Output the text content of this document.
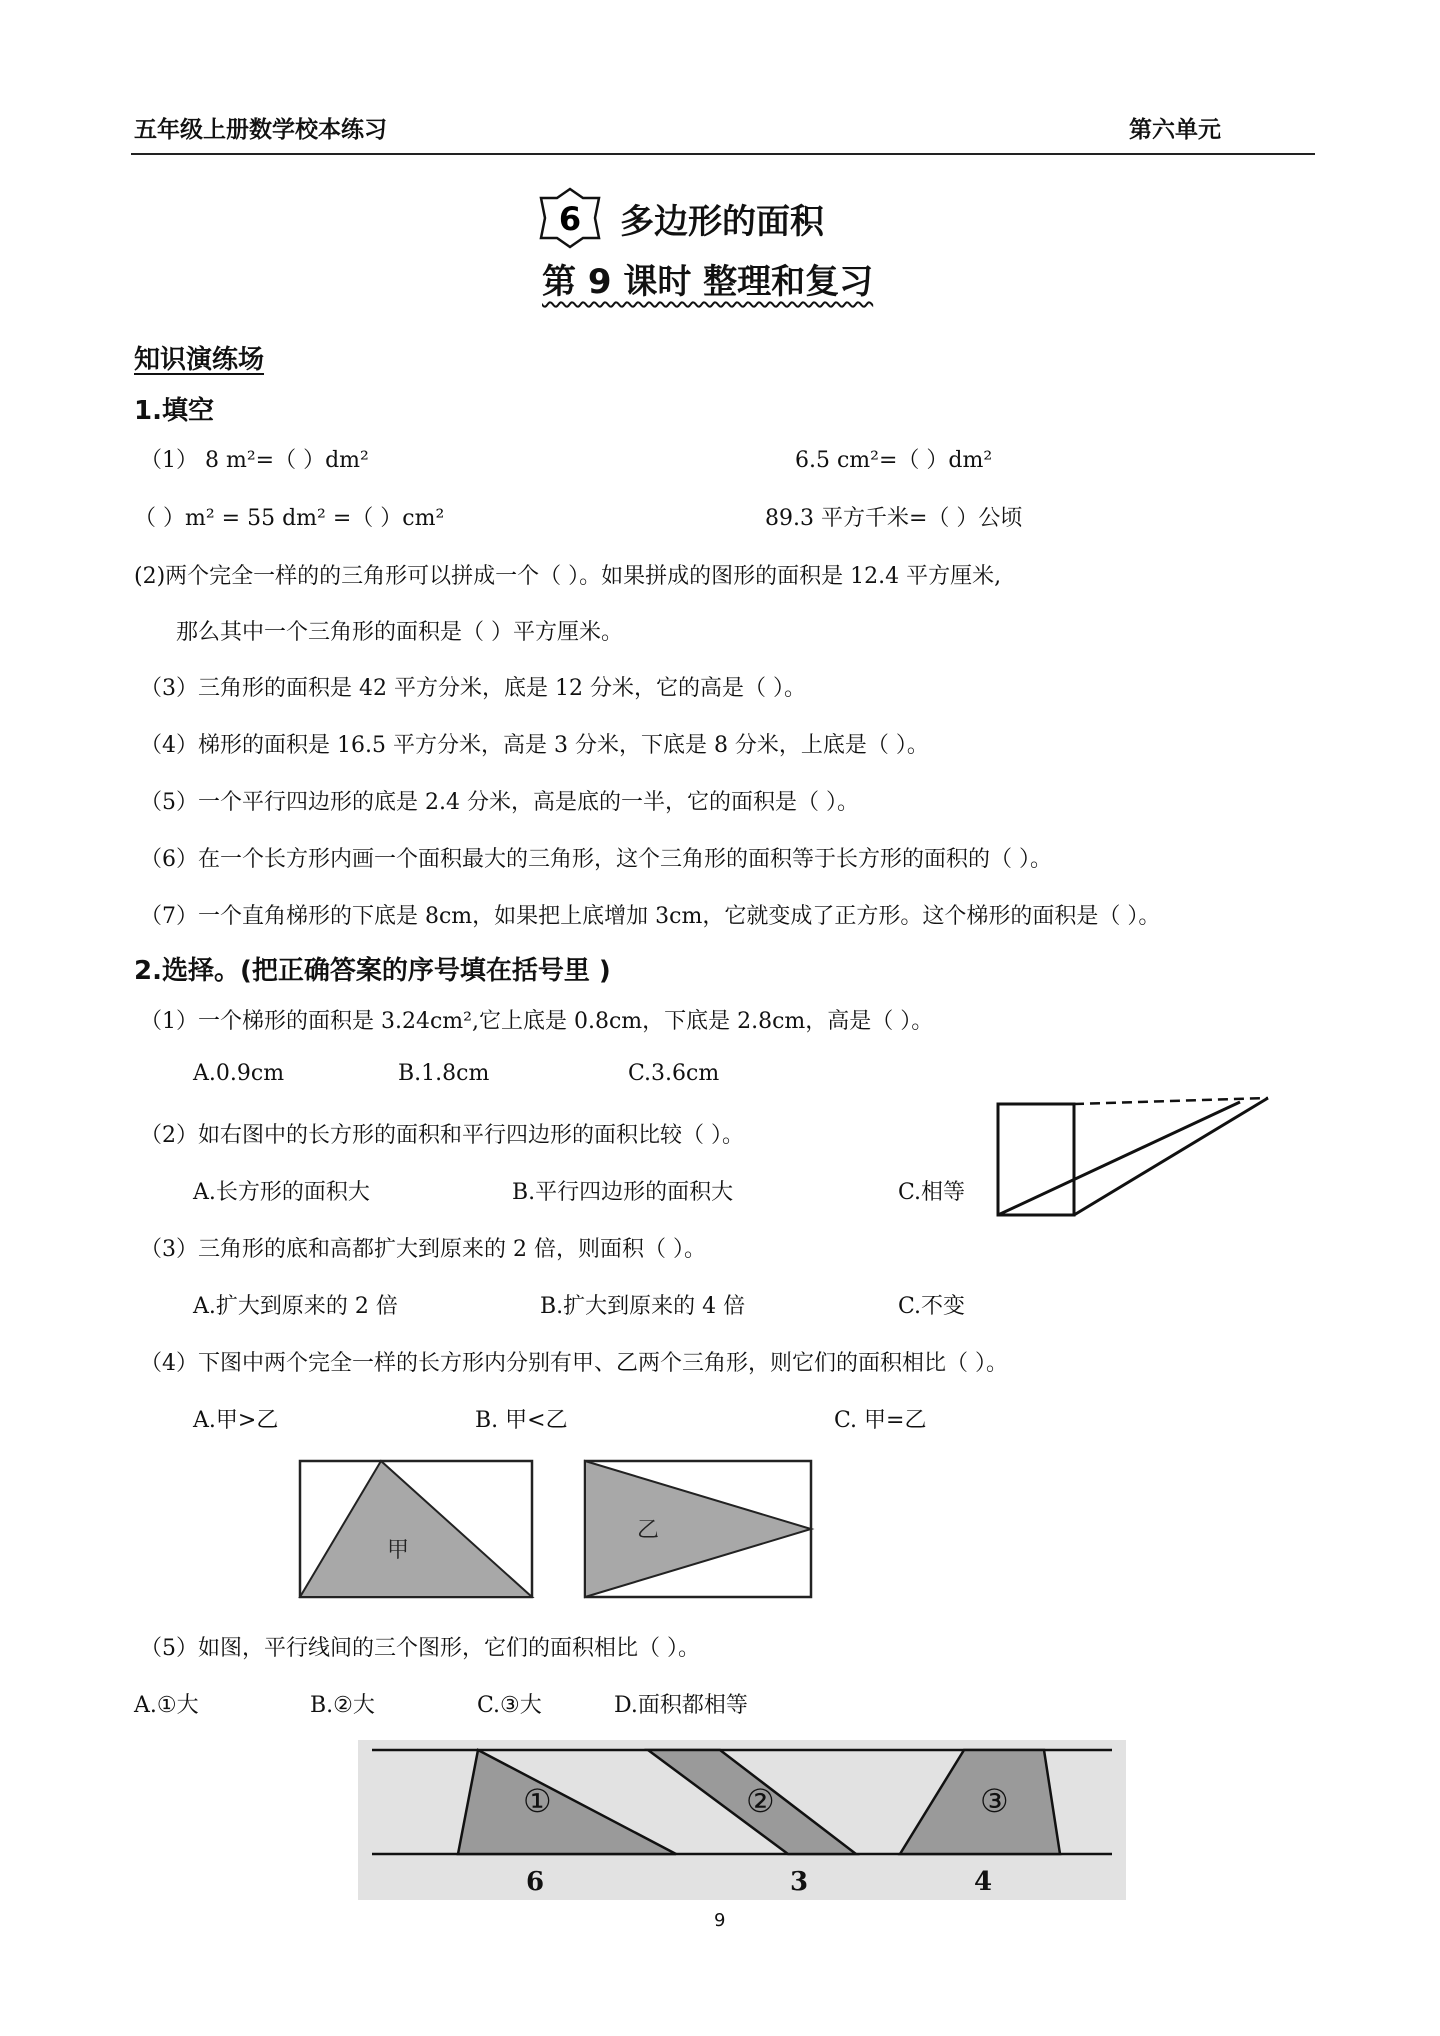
五年级上册数学校本练习	第六单元
6 多边形的面积
第 9 课时 整理和复习
知识演练场
1.填空
（1） 8 m²=（ ）dm²	6.5 cm²=（ ）dm²
（ ）m² = 55 dm² =（ ）cm²	89.3 平方千米=（ ）公顷
(2)两个完全一样的的三角形可以拼成一个（ ）。如果拼成的图形的面积是 12.4 平方厘米,
那么其中一个三角形的面积是（ ）平方厘米。
（3）三角形的面积是 42 平方分米，底是 12 分米，它的高是（ ）。
（4）梯形的面积是 16.5 平方分米，高是 3 分米，下底是 8 分米，上底是（ ）。
（5）一个平行四边形的底是 2.4 分米，高是底的一半，它的面积是（ ）。
（6）在一个长方形内画一个面积最大的三角形，这个三角形的面积等于长方形的面积的（ ）。
（7）一个直角梯形的下底是 8cm，如果把上底增加 3cm，它就变成了正方形。这个梯形的面积是（ ）。
2.选择。(把正确答案的序号填在括号里 )
（1）一个梯形的面积是 3.24cm²,它上底是 0.8cm，下底是 2.8cm，高是（ ）。
A.0.9cm	B.1.8cm	C.3.6cm
（2）如右图中的长方形的面积和平行四边形的面积比较（ ）。
A.长方形的面积大	B.平行四边形的面积大	C.相等
（3）三角形的底和高都扩大到原来的 2 倍，则面积（ ）。
A.扩大到原来的 2 倍	B.扩大到原来的 4 倍	C.不变
（4）下图中两个完全一样的长方形内分别有甲、乙两个三角形，则它们的面积相比（ ）。
A.甲>乙	B. 甲<乙	C. 甲=乙
甲
乙
（5）如图，平行线间的三个图形，它们的面积相比（ ）。
A.①大	B.②大	C.③大	D.面积都相等
①	②	③
6	3	4
9
